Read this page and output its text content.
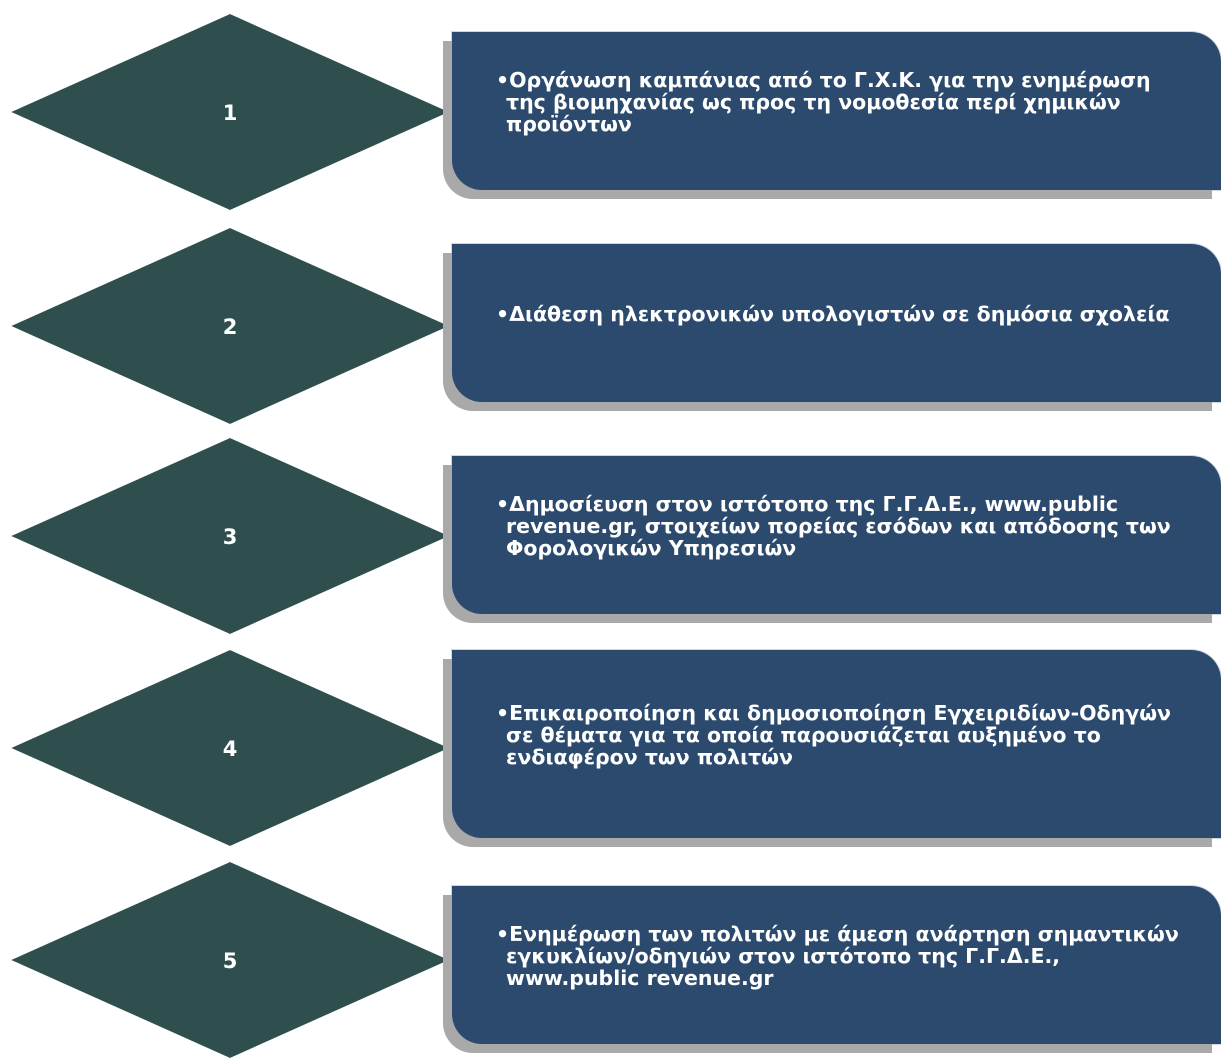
1
2
3
4
5
•Οργάνωση καμπάνιας από το Γ.Χ.Κ. για την ενημέρωση της βιομηχανίας ως προς τη νομοθεσία περί χημικών προϊόντων
•Διάθεση ηλεκτρονικών υπολογιστών σε δημόσια σχολεία
•Δημοσίευση στον ιστότοπο της Γ.Γ.Δ.Ε., www.public revenue.gr, στοιχείων πορείας εσόδων και απόδοσης των Φορολογικών Υπηρεσιών
•Επικαιροποίηση και δημοσιοποίηση Εγχειριδίων-Οδηγών σε θέματα για τα οποία παρουσιάζεται αυξημένο το ενδιαφέρον των πολιτών
•Ενημέρωση των πολιτών με άμεση ανάρτηση σημαντικών εγκυκλίων/οδηγιών στον ιστότοπο της Γ.Γ.Δ.Ε., www.public revenue.gr
